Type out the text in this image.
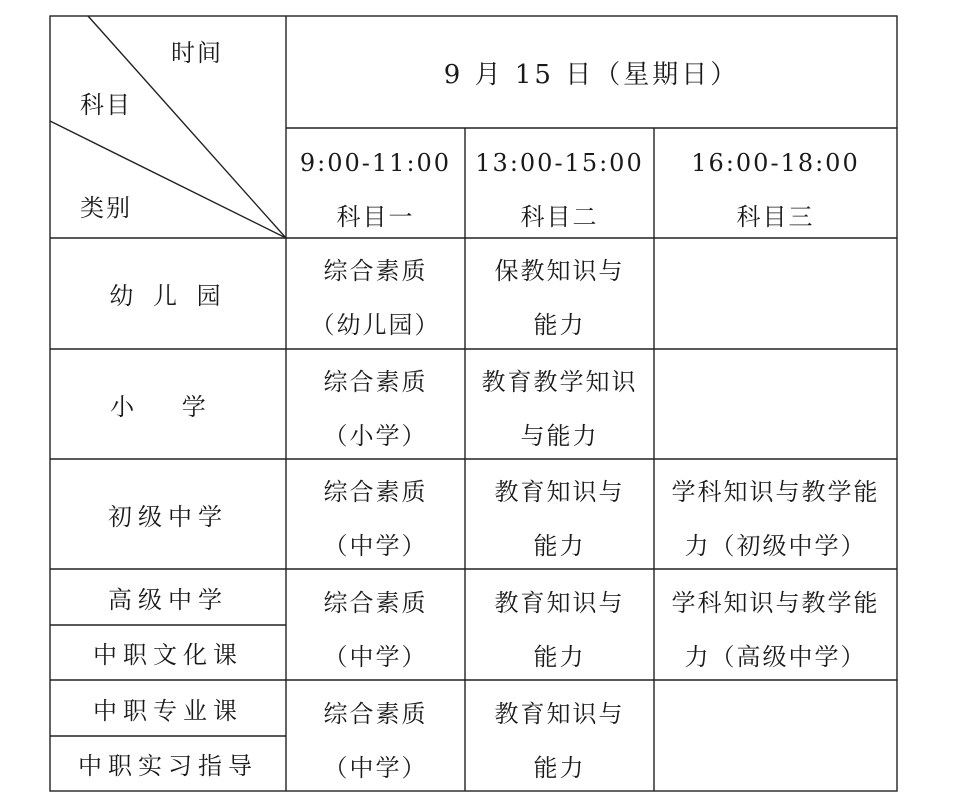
时间
科目
类别
9 月 15 日（星期日）
9:00-11:00
科目一
13:00-15:00
科目二
16:00-18:00
科目三
幼 儿 园
综合素质
（幼儿园）
保教知识与
能力
小 学
综合素质
（小学）
教育教学知识
与能力
初级中学
综合素质
（中学）
教育知识与
能力
学科知识与教学能
力（初级中学）
高级中学
中职文化课
综合素质
（中学）
教育知识与
能力
学科知识与教学能
力（高级中学）
中职专业课
中职实习指导
综合素质
（中学）
教育知识与
能力
